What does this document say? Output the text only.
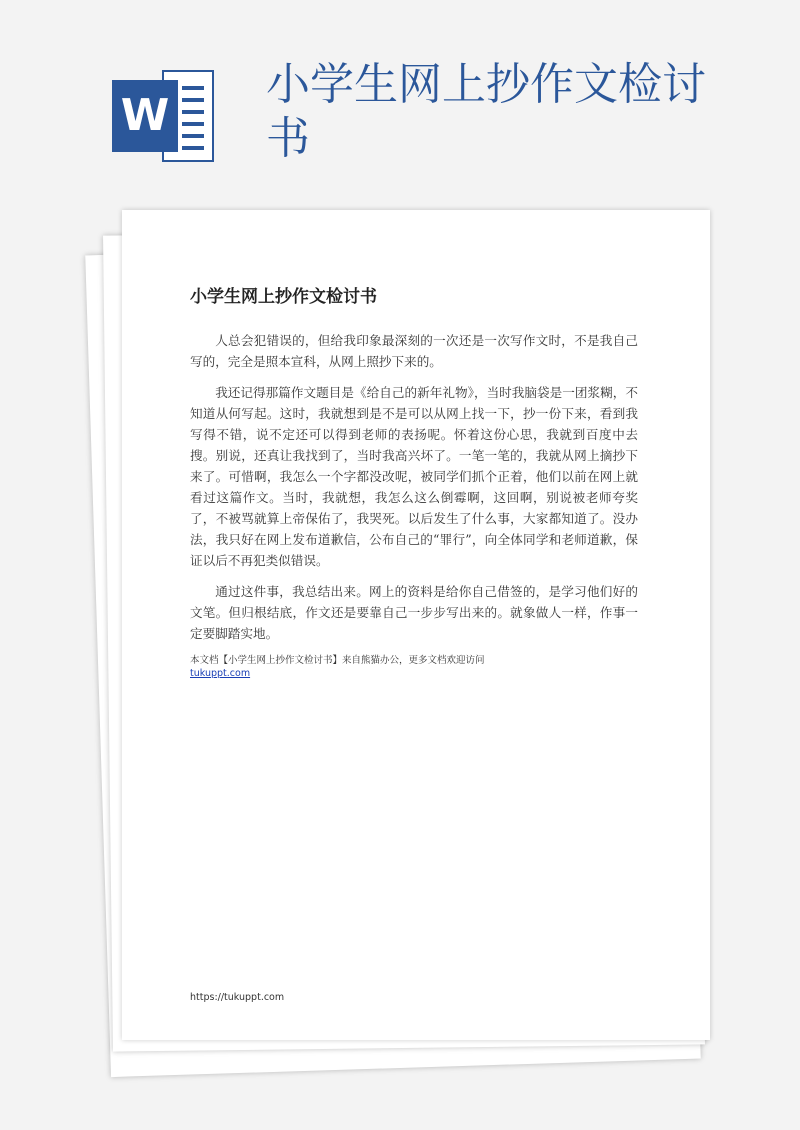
W
小学生网上抄作文检讨书
小学生网上抄作文检讨书

人总会犯错误的，但给我印象最深刻的一次还是一次写作文时，不是我自己写的，完全是照本宣科，从网上照抄下来的。

我还记得那篇作文题目是《给自己的新年礼物》，当时我脑袋是一团浆糊，不知道从何写起。这时，我就想到是不是可以从网上找一下，抄一份下来，看到我写得不错，说不定还可以得到老师的表扬呢。怀着这份心思，我就到百度中去搜。别说，还真让我找到了，当时我高兴坏了。一笔一笔的，我就从网上摘抄下来了。可惜啊，我怎么一个字都没改呢，被同学们抓个正着，他们以前在网上就看过这篇作文。当时，我就想，我怎么这么倒霉啊，这回啊，别说被老师夸奖了，不被骂就算上帝保佑了，我哭死。以后发生了什么事，大家都知道了。没办法，我只好在网上发布道歉信，公布自己的“罪行”，向全体同学和老师道歉，保证以后不再犯类似错误。

通过这件事，我总结出来。网上的资料是给你自己借签的，是学习他们好的文笔。但归根结底，作文还是要靠自己一步步写出来的。就象做人一样，作事一定要脚踏实地。

本文档【小学生网上抄作文检讨书】来自熊猫办公，更多文档欢迎访问
tukuppt.com
https://tukuppt.com
